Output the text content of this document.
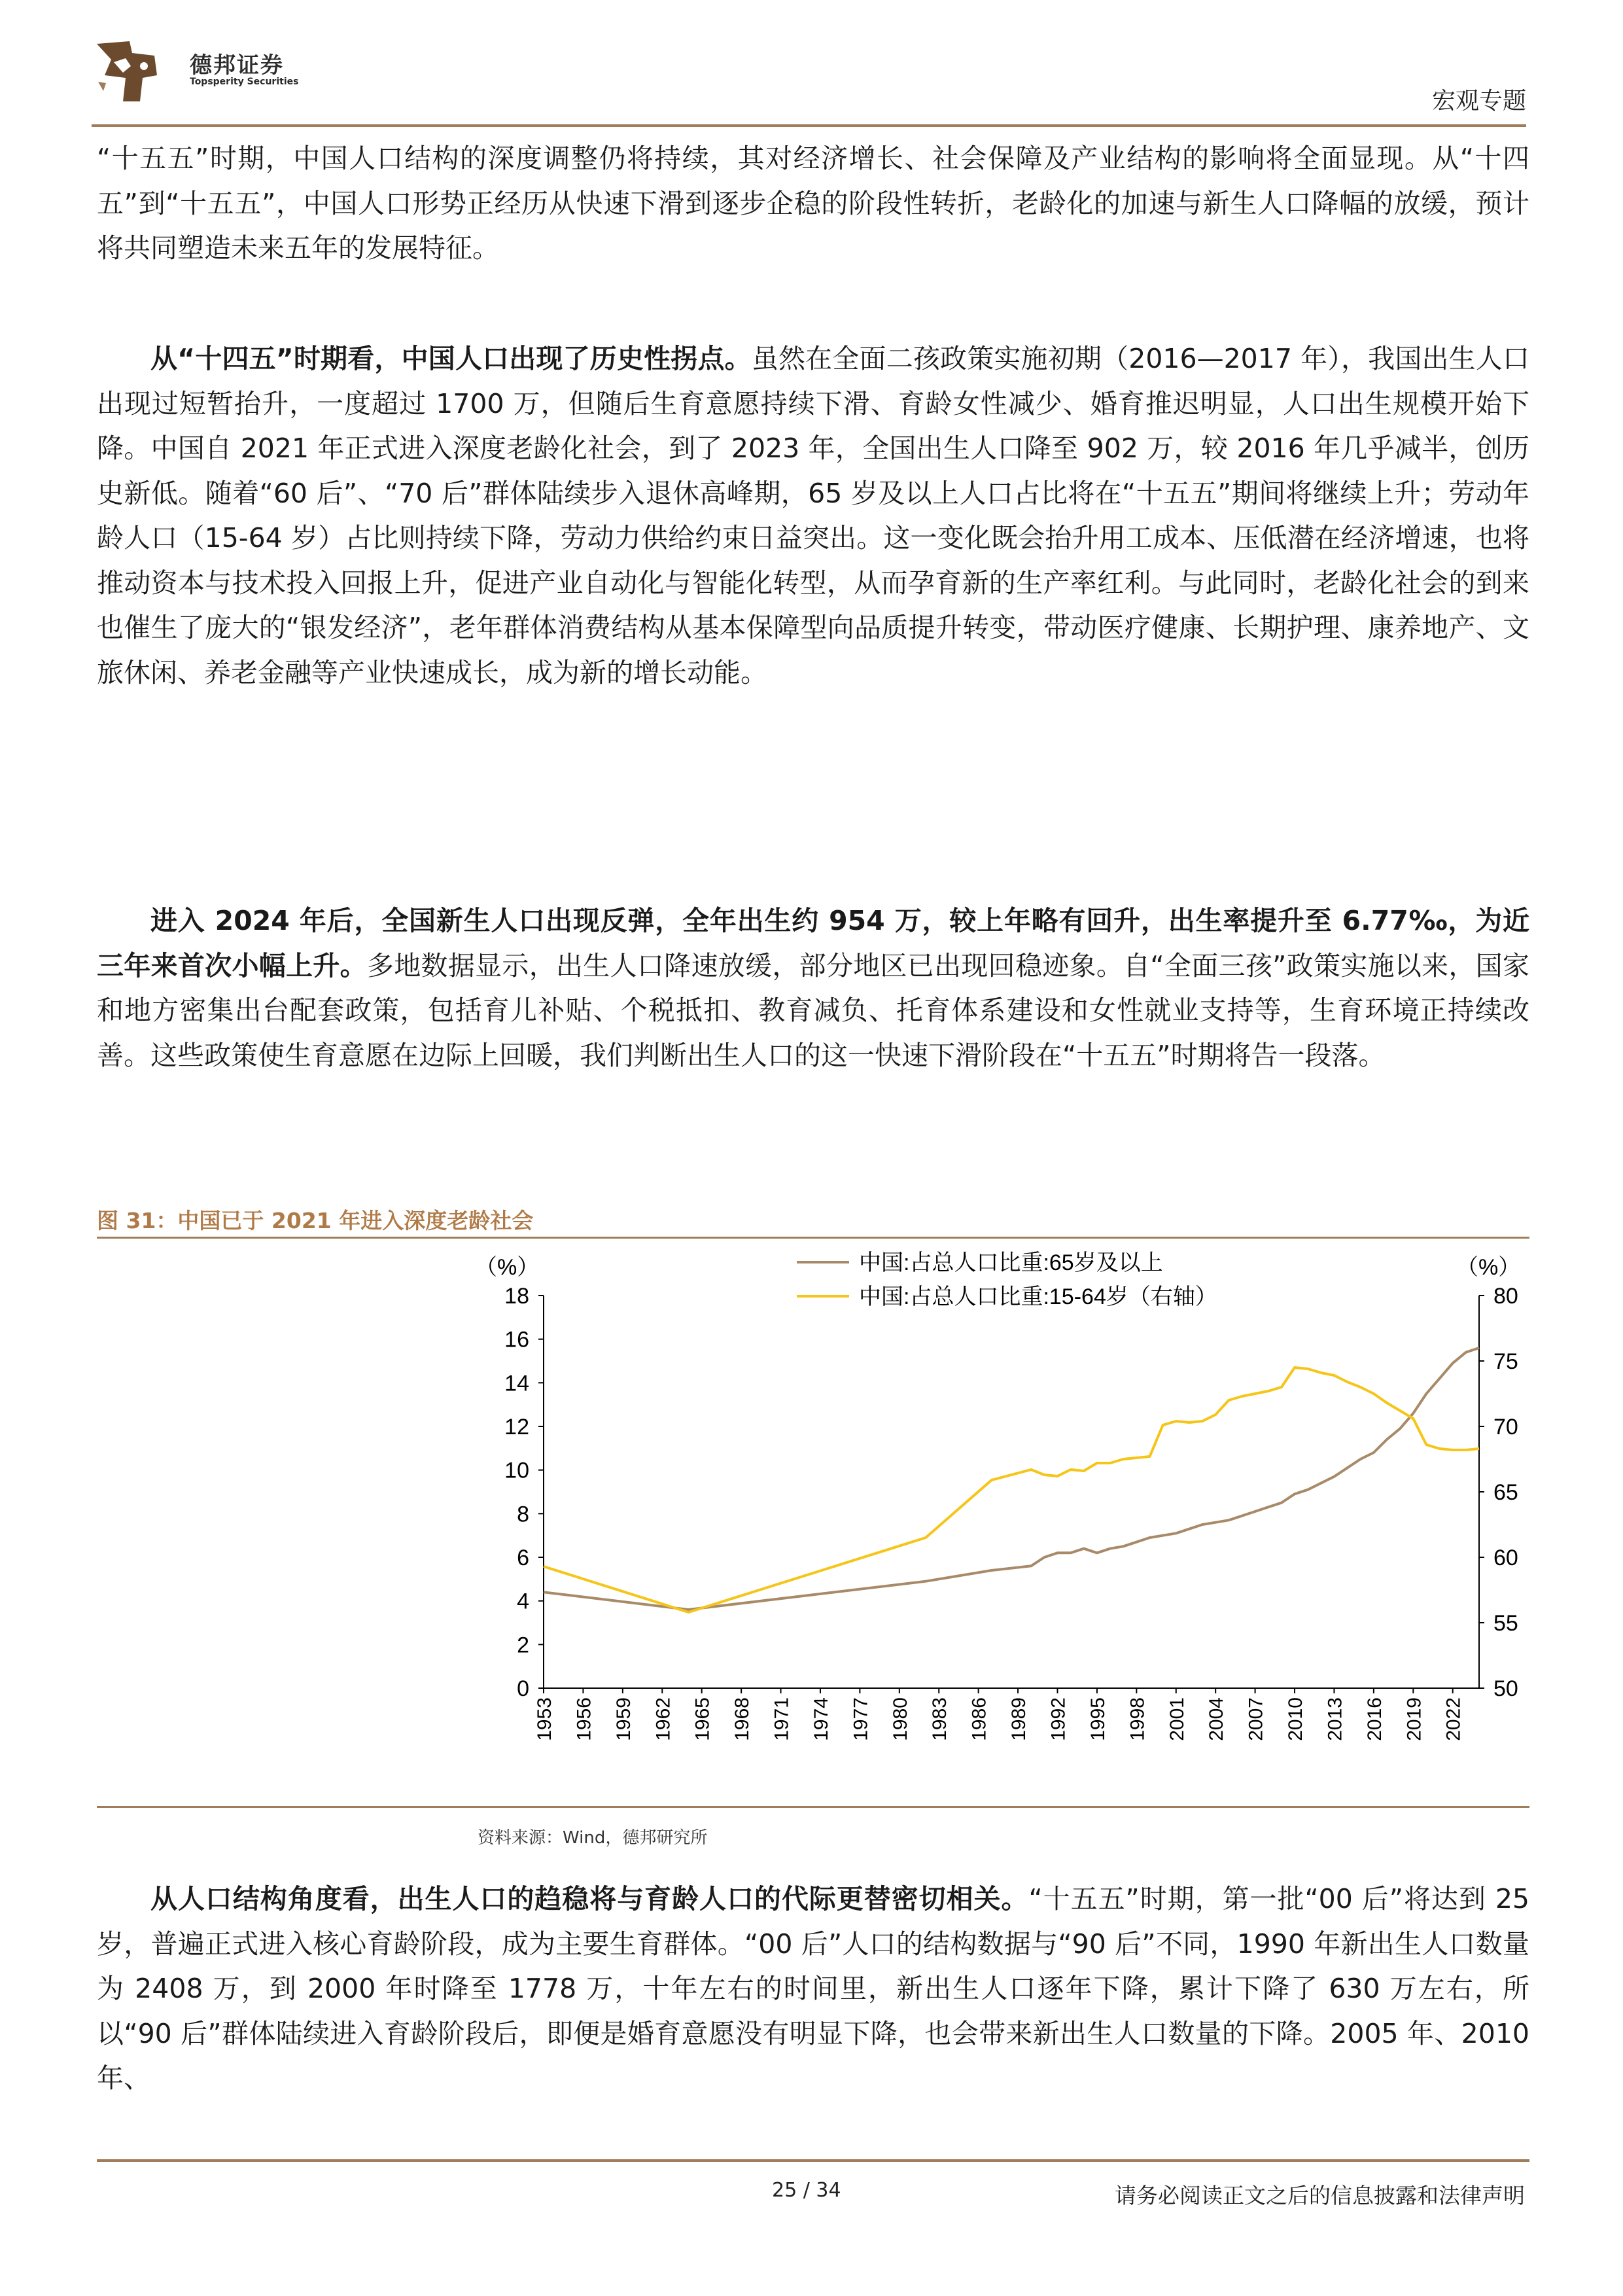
德邦证券
Topsperity Securities
宏观专题

“十五五”时期，中国人口结构的深度调整仍将持续，其对经济增长、社会保障及产业结构的影响将全面显现。从“十四五”到“十五五”，中国人口形势正经历从快速下滑到逐步企稳的阶段性转折，老龄化的加速与新生人口降幅的放缓，预计将共同塑造未来五年的发展特征。

从“十四五”时期看，中国人口出现了历史性拐点。虽然在全面二孩政策实施初期（2016—2017 年），我国出生人口出现过短暂抬升，一度超过 1700 万，但随后生育意愿持续下滑、育龄女性减少、婚育推迟明显，人口出生规模开始下降。中国自 2021 年正式进入深度老龄化社会，到了 2023 年，全国出生人口降至 902 万，较 2016 年几乎减半，创历史新低。随着“60 后”、“70 后”群体陆续步入退休高峰期，65 岁及以上人口占比将在“十五五”期间将继续上升；劳动年龄人口（15-64 岁）占比则持续下降，劳动力供给约束日益突出。这一变化既会抬升用工成本、压低潜在经济增速，也将推动资本与技术投入回报上升，促进产业自动化与智能化转型，从而孕育新的生产率红利。与此同时，老龄化社会的到来也催生了庞大的“银发经济”，老年群体消费结构从基本保障型向品质提升转变，带动医疗健康、长期护理、康养地产、文旅休闲、养老金融等产业快速成长，成为新的增长动能。

进入 2024 年后，全国新生人口出现反弹，全年出生约 954 万，较上年略有回升，出生率提升至 6.77‰，为近三年来首次小幅上升。多地数据显示，出生人口降速放缓，部分地区已出现回稳迹象。自“全面三孩”政策实施以来，国家和地方密集出台配套政策，包括育儿补贴、个税抵扣、教育减负、托育体系建设和女性就业支持等，生育环境正持续改善。这些政策使生育意愿在边际上回暖，我们判断出生人口的这一快速下滑阶段在“十五五”时期将告一段落。

图 31：中国已于 2021 年进入深度老龄社会
0
2
4
6
8
10
12
14
16
18
50
55
60
65
70
75
80
（%）	（%）
1953 1956 1959 1962 1965 1968 1971 1974 1977 1980 1983 1986 1989 1992 1995 1998 2001 2004 2007 2010 2013 2016 2019 2022
中国:占总人口比重:65岁及以上
中国:占总人口比重:15-64岁（右轴）
资料来源：Wind，德邦研究所

从人口结构角度看，出生人口的趋稳将与育龄人口的代际更替密切相关。“十五五”时期，第一批“00 后”将达到 25 岁，普遍正式进入核心育龄阶段，成为主要生育群体。“00 后”人口的结构数据与“90 后”不同，1990 年新出生人口数量为 2408 万，到 2000 年时降至 1778 万，十年左右的时间里，新出生人口逐年下降，累计下降了 630 万左右，所以“90 后”群体陆续进入育龄阶段后，即便是婚育意愿没有明显下降，也会带来新出生人口数量的下降。2005 年、2010 年、

25 / 34	请务必阅读正文之后的信息披露和法律声明
